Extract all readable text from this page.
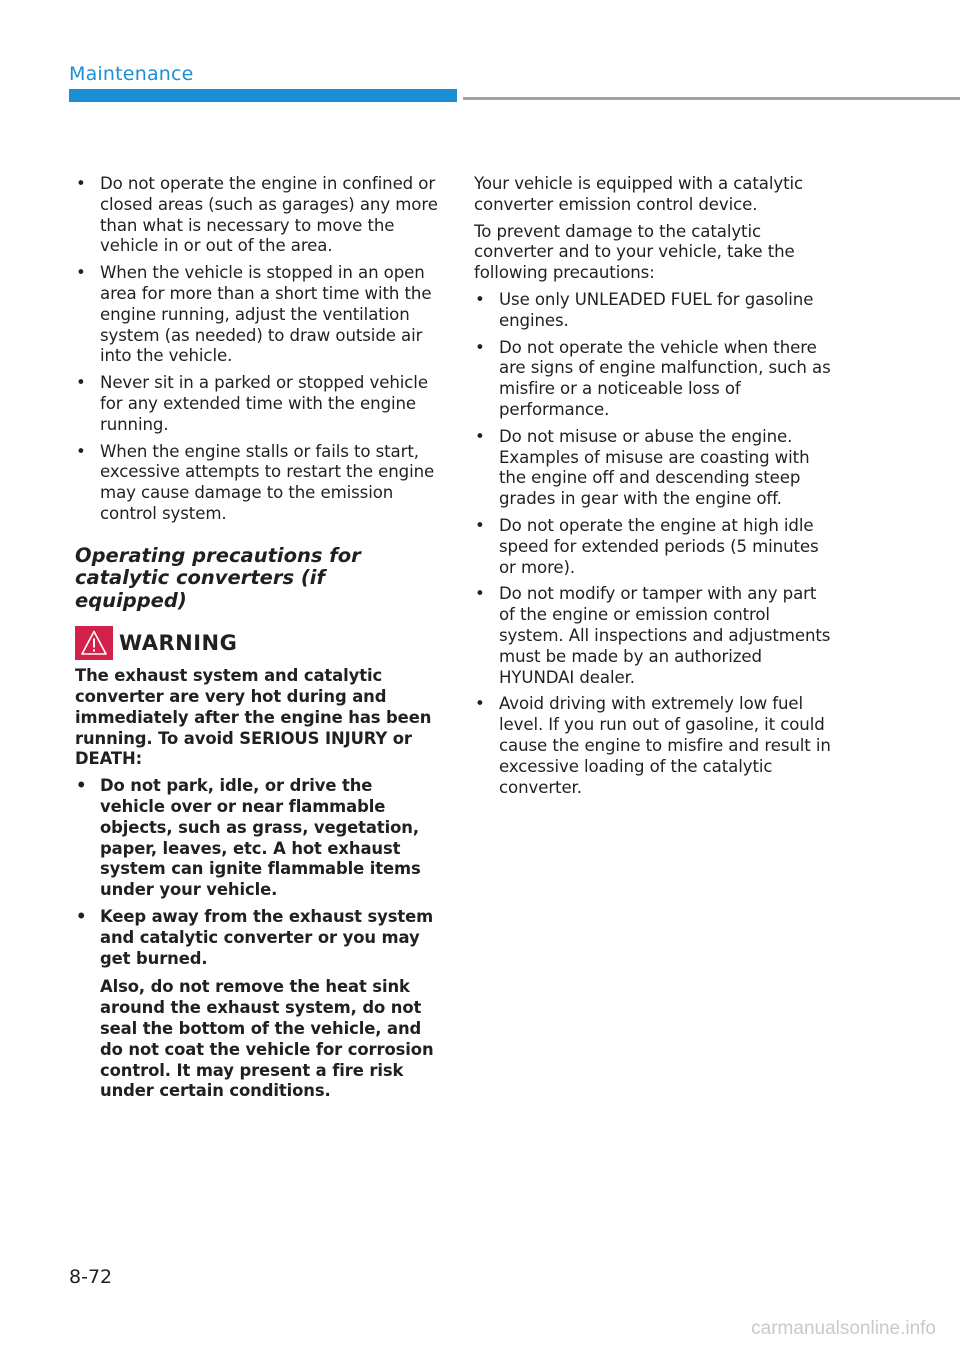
Maintenance
• Do not operate the engine in confined or closed areas (such as garages) any more than what is necessary to move the vehicle in or out of the area.
• When the vehicle is stopped in an open area for more than a short time with the engine running, adjust the ventilation system (as needed) to draw outside air into the vehicle.
• Never sit in a parked or stopped vehicle for any extended time with the engine running.
• When the engine stalls or fails to start, excessive attempts to restart the engine may cause damage to the emission control system.
Operating precautions for catalytic converters (if equipped)
WARNING

The exhaust system and catalytic converter are very hot during and immediately after the engine has been running. To avoid SERIOUS INJURY or DEATH:

• Do not park, idle, or drive the vehicle over or near flammable objects, such as grass, vegetation, paper, leaves, etc. A hot exhaust system can ignite flammable items under your vehicle.
• Keep away from the exhaust system and catalytic converter or you may get burned.
Also, do not remove the heat sink around the exhaust system, do not seal the bottom of the vehicle, and do not coat the vehicle for corrosion control. It may present a fire risk under certain conditions.

Your vehicle is equipped with a catalytic converter emission control device.

To prevent damage to the catalytic converter and to your vehicle, take the following precautions:

• Use only UNLEADED FUEL for gasoline engines.
• Do not operate the vehicle when there are signs of engine malfunction, such as misfire or a noticeable loss of performance.
• Do not misuse or abuse the engine. Examples of misuse are coasting with the engine off and descending steep grades in gear with the engine off.
• Do not operate the engine at high idle speed for extended periods (5 minutes or more).
• Do not modify or tamper with any part of the engine or emission control system. All inspections and adjustments must be made by an authorized HYUNDAI dealer.
• Avoid driving with extremely low fuel level. If you run out of gasoline, it could cause the engine to misfire and result in excessive loading of the catalytic converter.
8-72
carmanualsonline.info
